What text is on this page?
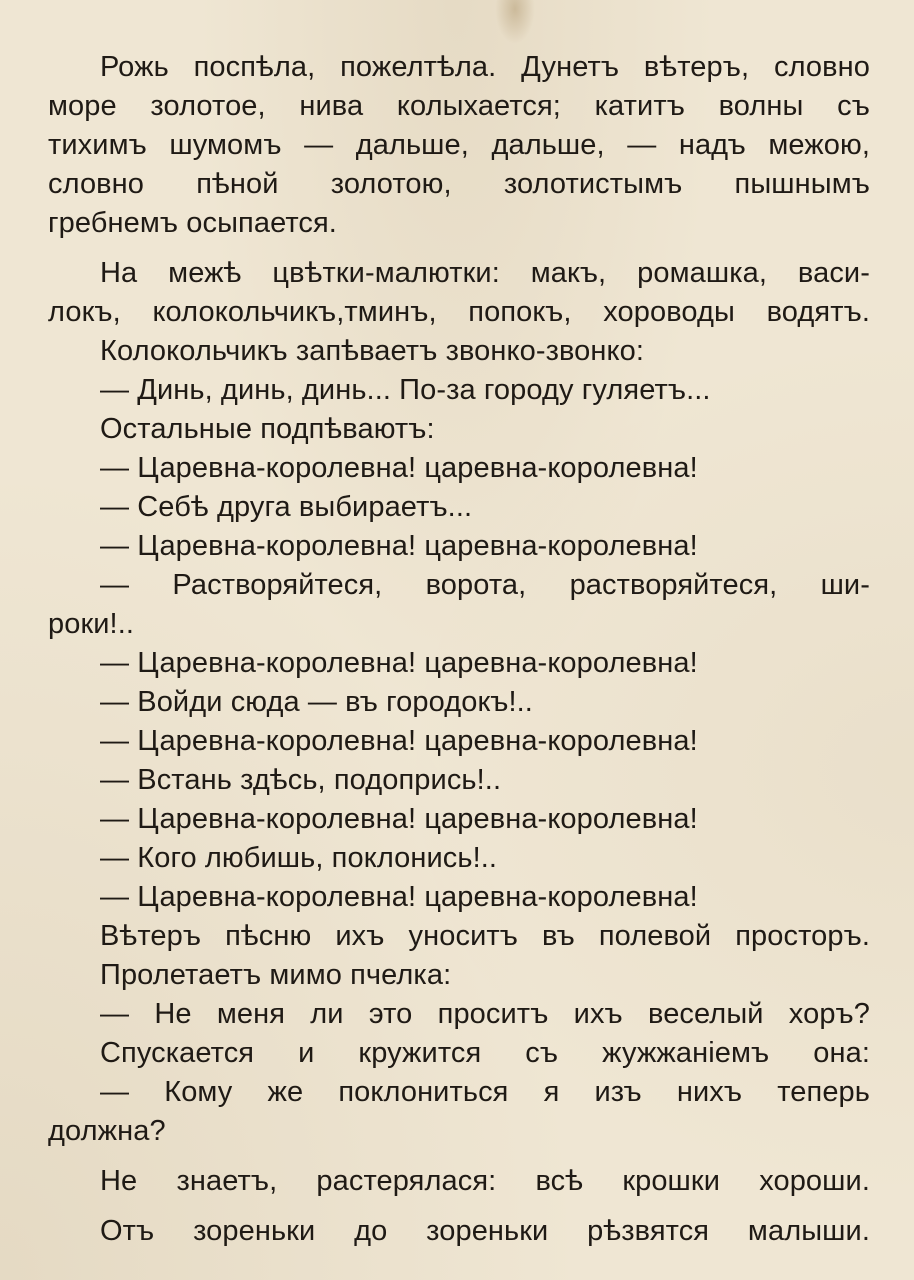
Рожь поспѣла, пожелтѣла. Дунетъ вѣтеръ, словно
море золотое, нива колыхается; катитъ волны съ
тихимъ шумомъ — дальше, дальше, — надъ межою,
словно пѣной золотою, золотистымъ пышнымъ
гребнемъ осыпается.
На межѣ цвѣтки-малютки: макъ, ромашка, васи-
локъ, колокольчикъ,тминъ, попокъ, хороводы водятъ.
Колокольчикъ запѣваетъ звонко-звонко:
— Динь, динь, динь... По-за городу гуляетъ...
Остальные подпѣваютъ:
— Царевна-королевна! царевна-королевна!
— Себѣ друга выбираетъ...
— Царевна-королевна! царевна-королевна!
— Растворяйтеся, ворота, растворяйтеся, ши-
роки!..
— Царевна-королевна! царевна-королевна!
— Войди сюда — въ городокъ!..
— Царевна-королевна! царевна-королевна!
— Встань здѣсь, подопрись!..
— Царевна-королевна! царевна-королевна!
— Кого любишь, поклонись!..
— Царевна-королевна! царевна-королевна!
Вѣтеръ пѣсню ихъ уноситъ въ полевой просторъ.
Пролетаетъ мимо пчелка:
— Не меня ли это проситъ ихъ веселый хоръ?
Спускается и кружится съ жужжанiемъ она:
— Кому же поклониться я изъ нихъ теперь
должна?
Не знаетъ, растерялася: всѣ крошки хороши.
Отъ зореньки до зореньки рѣзвятся малыши.
